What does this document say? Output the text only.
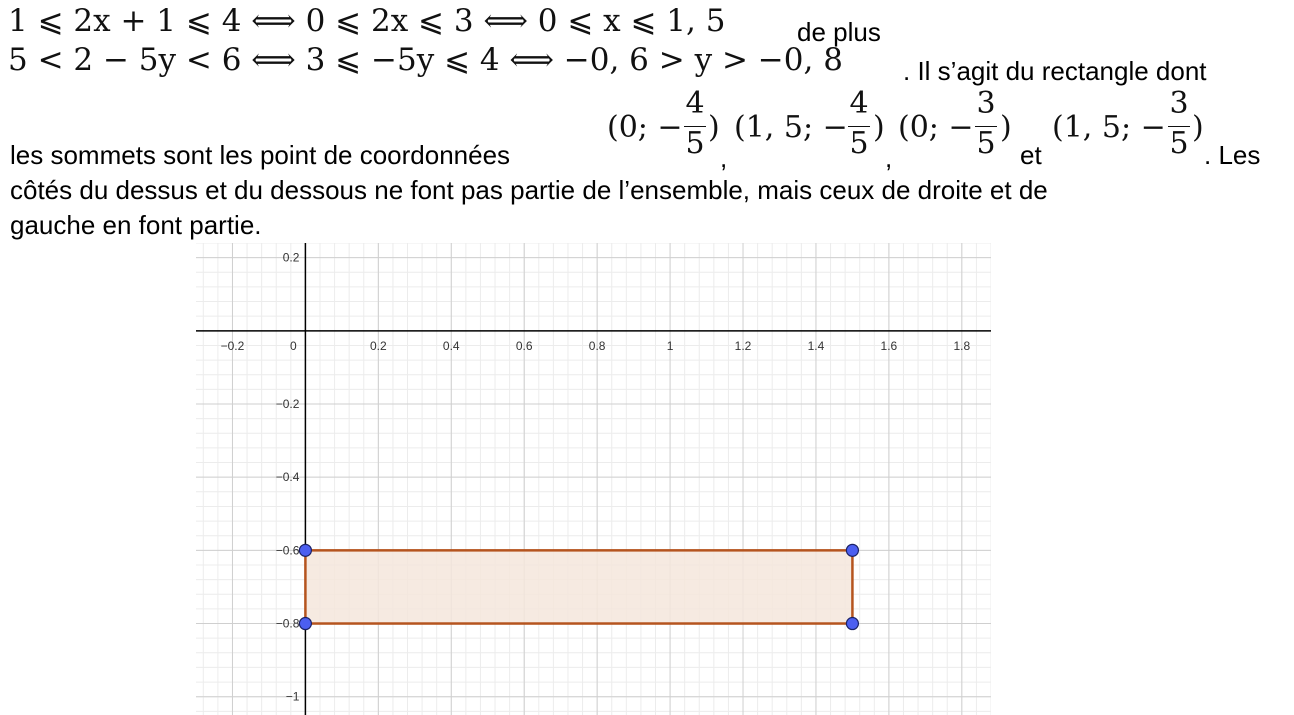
1 ⩽ 2x + 1 ⩽ 4 ⟺ 0 ⩽ 2x ⩽ 3 ⟺ 0 ⩽ x ⩽ 1, 5	de plus
5 < 2 − 5y < 6 ⟺ 3 ⩽ −5y ⩽ 4 ⟺ −0, 6 > y > −0, 8 . Il s’agit du rectangle dont
les sommets sont les point de coordonnées
(0; −

4

5 )
,
(1, 5; −

4

5 )
,
(0; −

3

5 )
et
(1, 5; −

3

5 )
. Les
côtés du dessus et du dessous ne font pas partie de l’ensemble, mais ceux de droite et de
gauche en font partie.
−0.2	0	0.2	0.4	0.6	0.8	1	1.2	1.4	1.6	1.8
0.2
−0.2
−0.4
−0.6
−0.8
−1
